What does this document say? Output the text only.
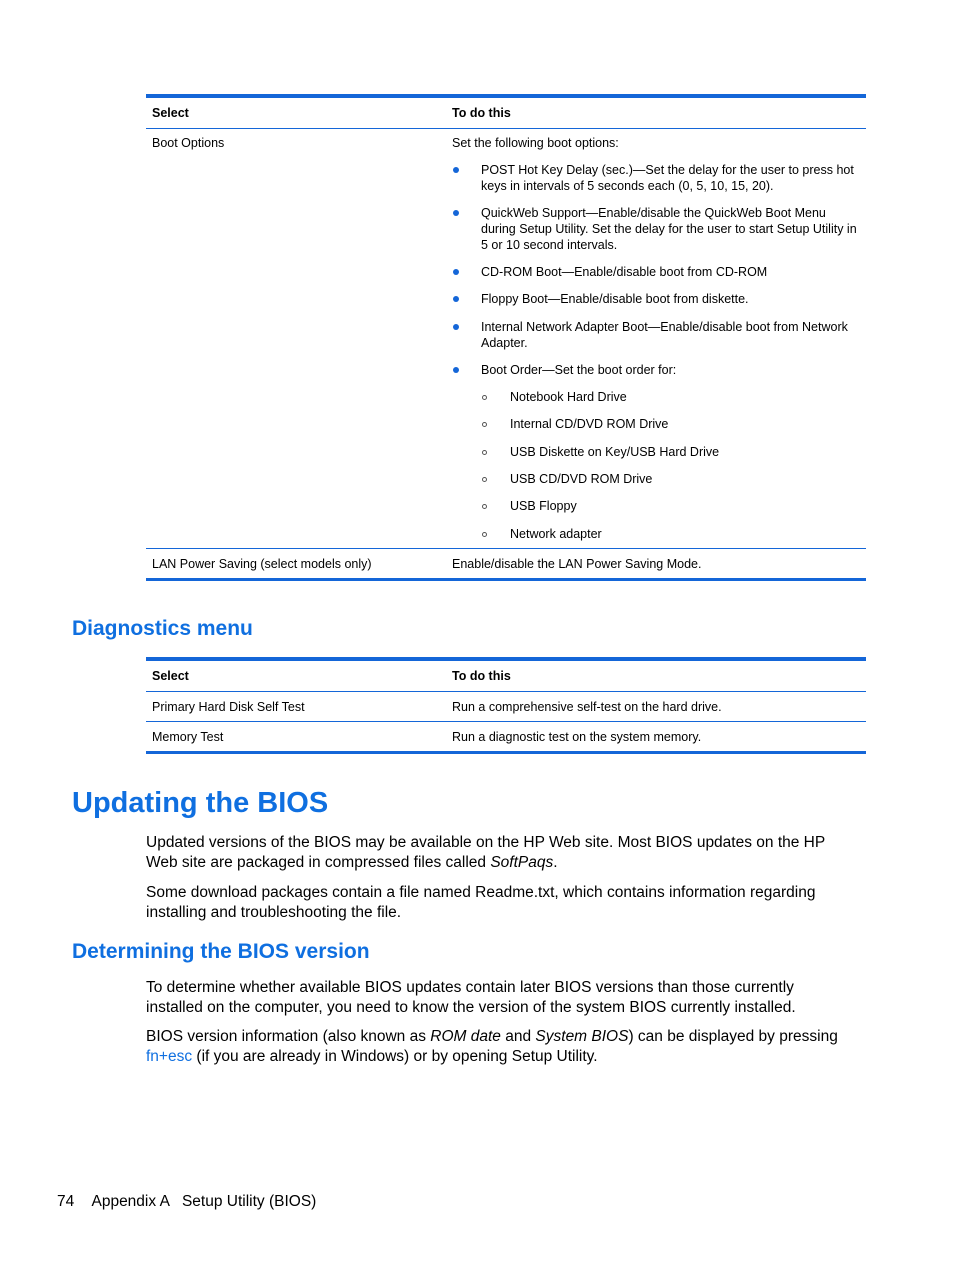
Select	To do this
Boot Options	Set the following boot options:
POST Hot Key Delay (sec.)—Set the delay for the user to press hot keys in intervals of 5 seconds each (0, 5, 10, 15, 20).
QuickWeb Support—Enable/disable the QuickWeb Boot Menu during Setup Utility. Set the delay for the user to start Setup Utility in 5 or 10 second intervals.
CD-ROM Boot—Enable/disable boot from CD-ROM
Floppy Boot—Enable/disable boot from diskette.
Internal Network Adapter Boot—Enable/disable boot from Network Adapter.
Boot Order—Set the boot order for:
Notebook Hard Drive
Internal CD/DVD ROM Drive
USB Diskette on Key/USB Hard Drive
USB CD/DVD ROM Drive
USB Floppy
Network adapter
LAN Power Saving (select models only)	Enable/disable the LAN Power Saving Mode.
Diagnostics menu
Select	To do this
Primary Hard Disk Self Test	Run a comprehensive self-test on the hard drive.
Memory Test	Run a diagnostic test on the system memory.
Updating the BIOS

Updated versions of the BIOS may be available on the HP Web site. Most BIOS updates on the HP Web site are packaged in compressed files called SoftPaqs.

Some download packages contain a file named Readme.txt, which contains information regarding installing and troubleshooting the file.

Determining the BIOS version

To determine whether available BIOS updates contain later BIOS versions than those currently installed on the computer, you need to know the version of the system BIOS currently installed.

BIOS version information (also known as ROM date and System BIOS) can be displayed by pressing fn+esc (if you are already in Windows) or by opening Setup Utility.

74 Appendix A   Setup Utility (BIOS)
